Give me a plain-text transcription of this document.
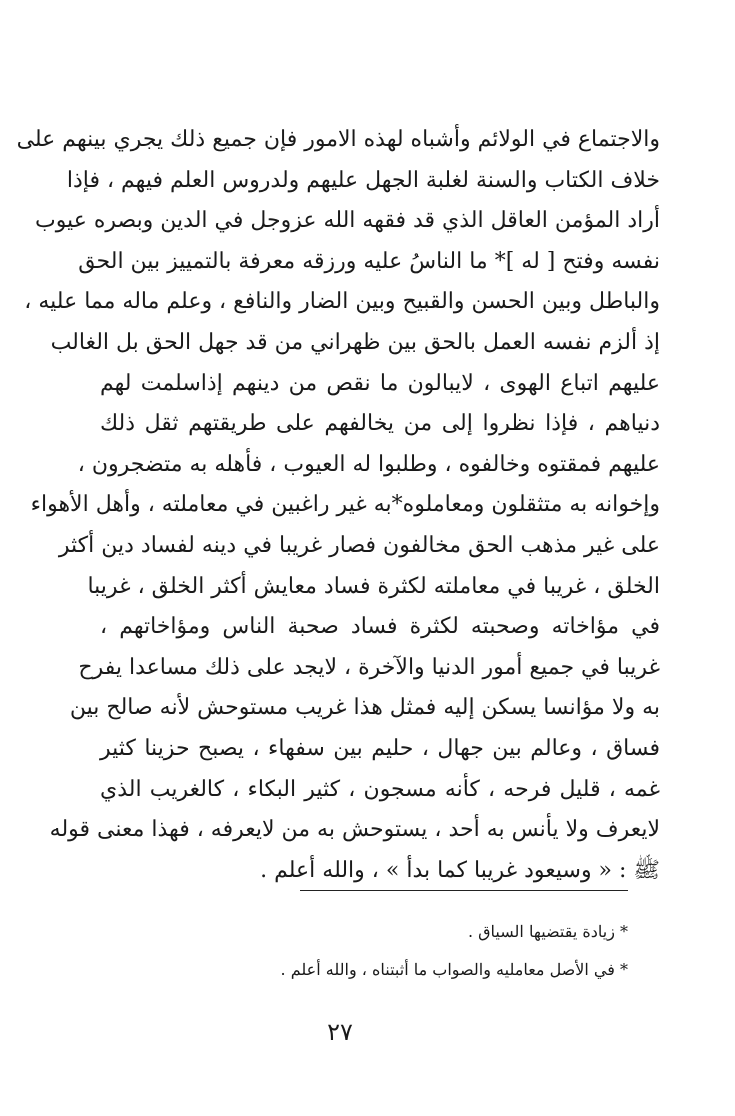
والاجتماع في الولائم وأشباه لهذه الامور فإن جميع ذلك يجري بينهم على
خلاف الكتاب والسنة لغلبة الجهل عليهم ولدروس العلم فيهم ، فإذا
أراد المؤمن العاقل الذي قد فقهه الله عزوجل في الدين وبصره عيوب
نفسه وفتح [ له ]* ما الناسُ عليه ورزقه معرفة بالتمييز بين الحق
والباطل وبين الحسن والقبيح وبين الضار والنافع ، وعلم ماله مما عليه ،
إذ ألزم نفسه العمل بالحق بين ظهراني من قد جهل الحق بل الغالب
عليهم اتباع الهوى ، لايبالون ما نقص من دينهم إذاسلمت لهم
دنياهم ، فإذا نظروا إلى من يخالفهم على طريقتهم ثقل ذلك
عليهم فمقتوه وخالفوه ، وطلبوا له العيوب ، فأهله به متضجرون ،
وإخوانه به متثقلون ومعاملوه*به غير راغبين في معاملته ، وأهل الأهواء
على غير مذهب الحق مخالفون فصار غريبا في دينه لفساد دين أكثر
الخلق ، غريبا في معاملته لكثرة فساد معايش أكثر الخلق ، غريبا
في مؤاخاته وصحبته لكثرة فساد صحبة الناس ومؤاخاتهم ،
غريبا في جميع أمور الدنيا والآخرة ، لايجد على ذلك مساعدا يفرح
به ولا مؤانسا يسكن إليه فمثل هذا غريب مستوحش لأنه صالح بين
فساق ، وعالم بين جهال ، حليم بين سفهاء ، يصبح حزينا كثير
غمه ، قليل فرحه ، كأنه مسجون ، كثير البكاء ، كالغريب الذي
لايعرف ولا يأنس به أحد ، يستوحش به من لايعرفه ، فهذا معنى قوله
ﷺ : « وسيعود غريبا كما بدأ » ، والله أعلم .
* زيادة يقتضيها السياق .
* في الأصل معامليه والصواب ما أثبتناه ، والله أعلم .
٢٧
